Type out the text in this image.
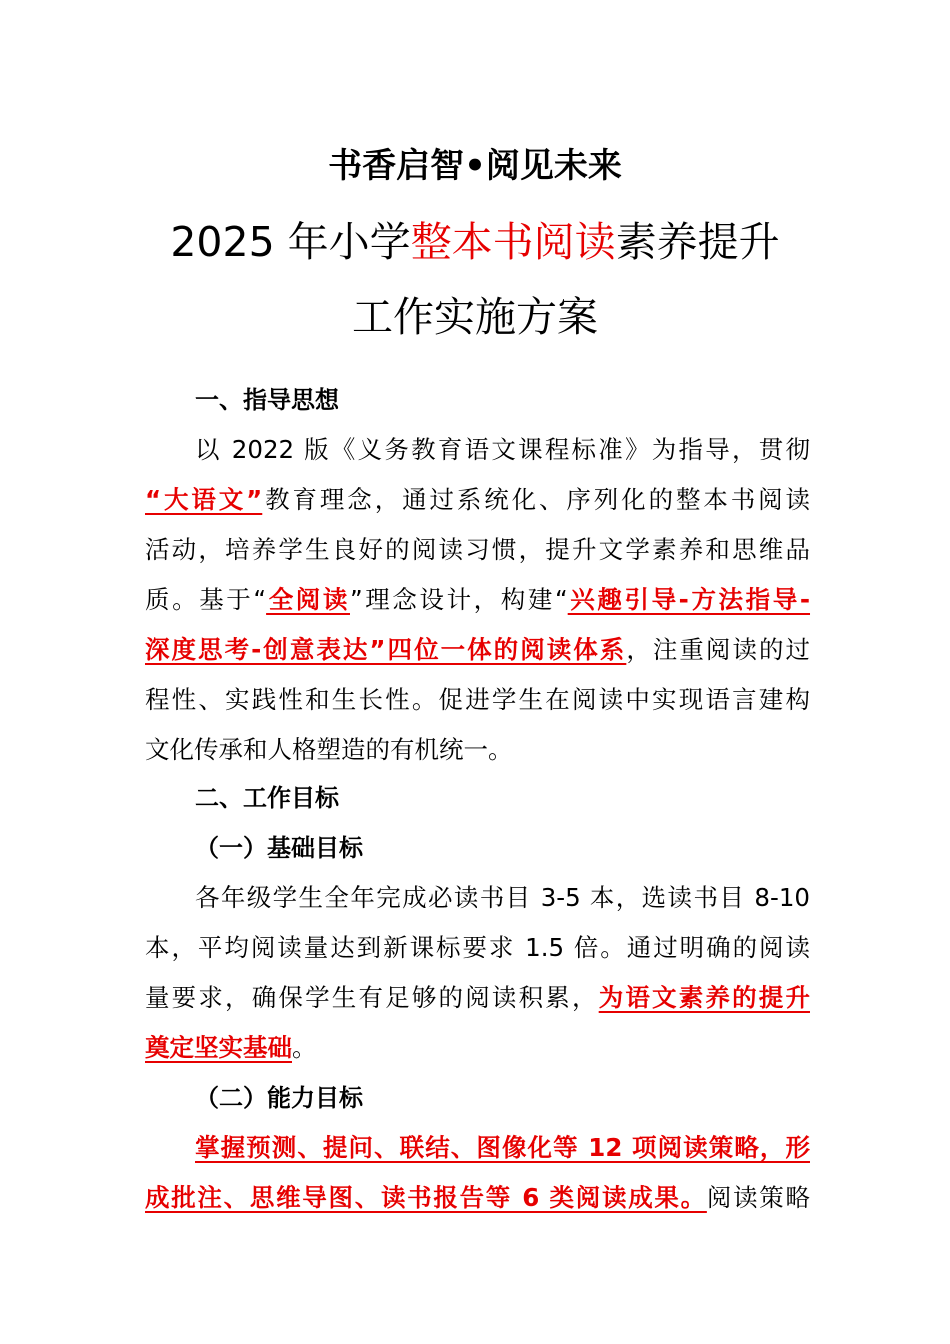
书香启智•阅见未来
2025 年小学整本书阅读素养提升
工作实施方案
一、指导思想
以 2022 版《义务教育语文课程标准》为指导，贯彻
“大语文”教育理念，通过系统化、序列化的整本书阅读
活动，培养学生良好的阅读习惯，提升文学素养和思维品
质。基于“全阅读”理念设计，构建“兴趣引导-方法指导-
深度思考-创意表达”四位一体的阅读体系，注重阅读的过
程性、实践性和生长性。促进学生在阅读中实现语言建构
文化传承和人格塑造的有机统一。
二、工作目标
（一）基础目标
各年级学生全年完成必读书目 3-5 本，选读书目 8-10
本，平均阅读量达到新课标要求 1.5 倍。通过明确的阅读
量要求，确保学生有足够的阅读积累，为语文素养的提升
奠定坚实基础。
（二）能力目标
掌握预测、提问、联结、图像化等 12 项阅读策略，形
成批注、思维导图、读书报告等 6 类阅读成果。阅读策略
